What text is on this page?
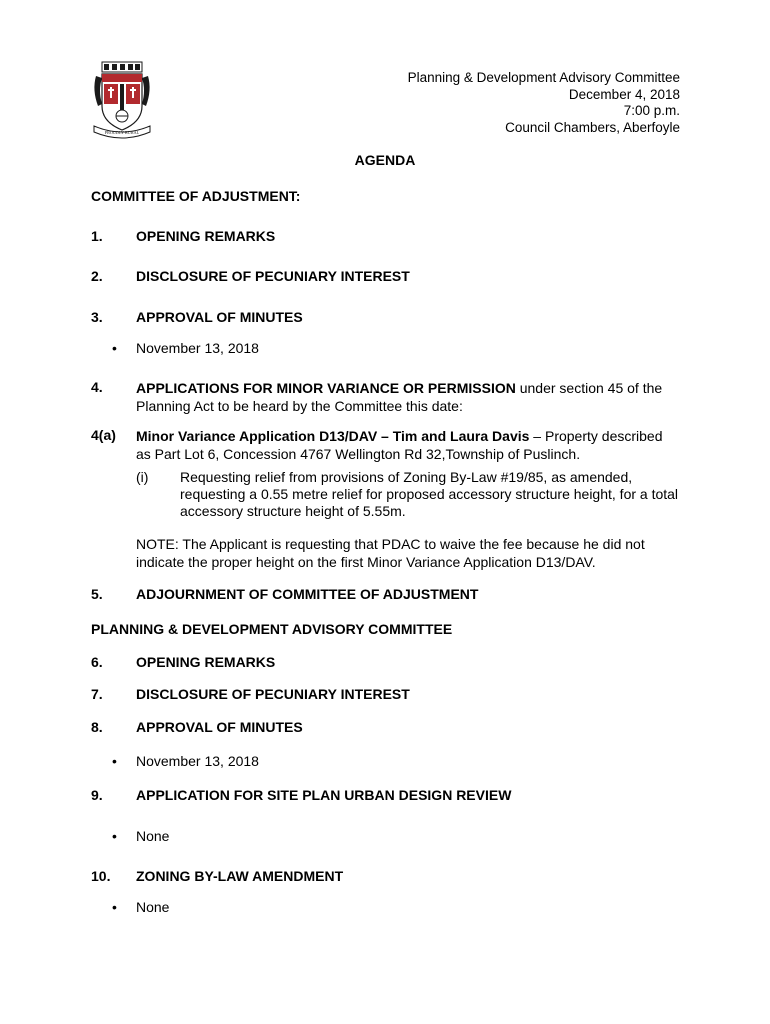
PROUDLY RURAL
Planning & Development Advisory Committee
December 4, 2018
7:00 p.m.
Council Chambers, Aberfoyle
AGENDA
COMMITTEE OF ADJUSTMENT:
1. OPENING REMARKS
2. DISCLOSURE OF PECUNIARY INTEREST
3. APPROVAL OF MINUTES
• November 13, 2018
4. APPLICATIONS FOR MINOR VARIANCE OR PERMISSION under section 45 of the Planning Act to be heard by the Committee this date:
4(a) Minor Variance Application D13/DAV – Tim and Laura Davis – Property described as Part Lot 6, Concession 4767 Wellington Rd 32,Township of Puslinch.
(i) Requesting relief from provisions of Zoning By-Law #19/85, as amended, requesting a 0.55 metre relief for proposed accessory structure height, for a total accessory structure height of 5.55m.
NOTE: The Applicant is requesting that PDAC to waive the fee because he did not indicate the proper height on the first Minor Variance Application D13/DAV.
5. ADJOURNMENT OF COMMITTEE OF ADJUSTMENT
PLANNING & DEVELOPMENT ADVISORY COMMITTEE
6. OPENING REMARKS
7. DISCLOSURE OF PECUNIARY INTEREST
8. APPROVAL OF MINUTES
• November 13, 2018
9. APPLICATION FOR SITE PLAN URBAN DESIGN REVIEW
• None
10. ZONING BY-LAW AMENDMENT
• None
